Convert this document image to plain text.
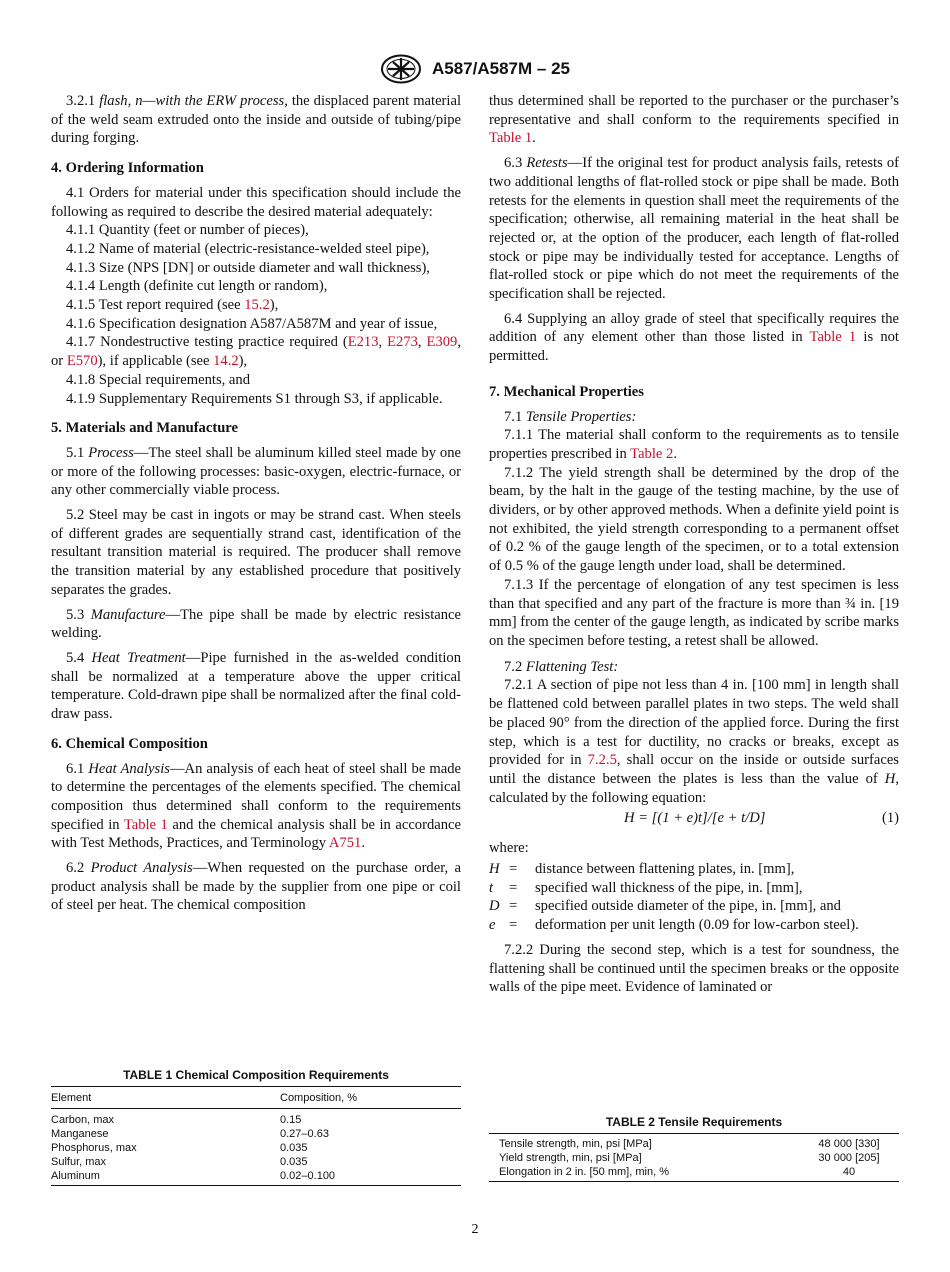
A587/A587M – 25

3.2.1 flash, n—with the ERW process, the displaced parent material of the weld seam extruded onto the inside and outside of tubing/pipe during forging.

4. Ordering Information

4.1 Orders for material under this specification should include the following as required to describe the desired material adequately:

4.1.1 Quantity (feet or number of pieces),

4.1.2 Name of material (electric-resistance-welded steel pipe),

4.1.3 Size (NPS [DN] or outside diameter and wall thickness),

4.1.4 Length (definite cut length or random),

4.1.5 Test report required (see 15.2),

4.1.6 Specification designation A587/A587M and year of issue,

4.1.7 Nondestructive testing practice required (E213, E273, E309, or E570), if applicable (see 14.2),

4.1.8 Special requirements, and

4.1.9 Supplementary Requirements S1 through S3, if applicable.

5. Materials and Manufacture

5.1 Process—The steel shall be aluminum killed steel made by one or more of the following processes: basic-oxygen, electric-furnace, or any other commercially viable process.

5.2 Steel may be cast in ingots or may be strand cast. When steels of different grades are sequentially strand cast, identification of the resultant transition material is required. The producer shall remove the transition material by any established procedure that positively separates the grades.

5.3 Manufacture—The pipe shall be made by electric resistance welding.

5.4 Heat Treatment—Pipe furnished in the as-welded condition shall be normalized at a temperature above the upper critical temperature. Cold-drawn pipe shall be normalized after the final cold-draw pass.

6. Chemical Composition

6.1 Heat Analysis—An analysis of each heat of steel shall be made to determine the percentages of the elements specified. The chemical composition thus determined shall conform to the requirements specified in Table 1 and the chemical analysis shall be in accordance with Test Methods, Practices, and Terminology A751.

6.2 Product Analysis—When requested on the purchase order, a product analysis shall be made by the supplier from one pipe or coil of steel per heat. The chemical composition

thus determined shall be reported to the purchaser or the purchaser’s representative and shall conform to the requirements specified in Table 1.

6.3 Retests—If the original test for product analysis fails, retests of two additional lengths of flat-rolled stock or pipe shall be made. Both retests for the elements in question shall meet the requirements of the specification; otherwise, all remaining material in the heat shall be rejected or, at the option of the producer, each length of flat-rolled stock or pipe may be individually tested for acceptance. Lengths of flat-rolled stock or pipe which do not meet the requirements of the specification shall be rejected.

6.4 Supplying an alloy grade of steel that specifically requires the addition of any element other than those listed in Table 1 is not permitted.

7. Mechanical Properties

7.1 Tensile Properties:

7.1.1 The material shall conform to the requirements as to tensile properties prescribed in Table 2.

7.1.2 The yield strength shall be determined by the drop of the beam, by the halt in the gauge of the testing machine, by the use of dividers, or by other approved methods. When a definite yield point is not exhibited, the yield strength corresponding to a permanent offset of 0.2 % of the gauge length of the specimen, or to a total extension of 0.5 % of the gauge length under load, shall be determined.

7.1.3 If the percentage of elongation of any test specimen is less than that specified and any part of the fracture is more than ¾ in. [19 mm] from the center of the gauge length, as indicated by scribe marks on the specimen before testing, a retest shall be allowed.

7.2 Flattening Test:

7.2.1 A section of pipe not less than 4 in. [100 mm] in length shall be flattened cold between parallel plates in two steps. The weld shall be placed 90° from the direction of the applied force. During the first step, which is a test for ductility, no cracks or breaks, except as provided for in 7.2.5, shall occur on the inside or outside surfaces until the distance between the plates is less than the value of H, calculated by the following equation:

H = [(1 + e)t]/[e + t/D]	(1)

where:

H =	distance between flattening plates, in. [mm],
t	=	specified wall thickness of the pipe, in. [mm],
D =	specified outside diameter of the pipe, in. [mm], and
e =	deformation per unit length (0.09 for low-carbon steel).

7.2.2 During the second step, which is a test for soundness, the flattening shall be continued until the specimen breaks or the opposite walls of the pipe meet. Evidence of laminated or

TABLE 1 Chemical Composition Requirements
Element	Composition, %
Carbon, max	0.15
Manganese	0.27–0.63
Phosphorus, max	0.035
Sulfur, max	0.035
Aluminum	0.02–0.100
TABLE 2 Tensile Requirements
Tensile strength, min, psi [MPa]	48 000 [330]
Yield strength, min, psi [MPa]	30 000 [205]
Elongation in 2 in. [50 mm], min, %	40
2
